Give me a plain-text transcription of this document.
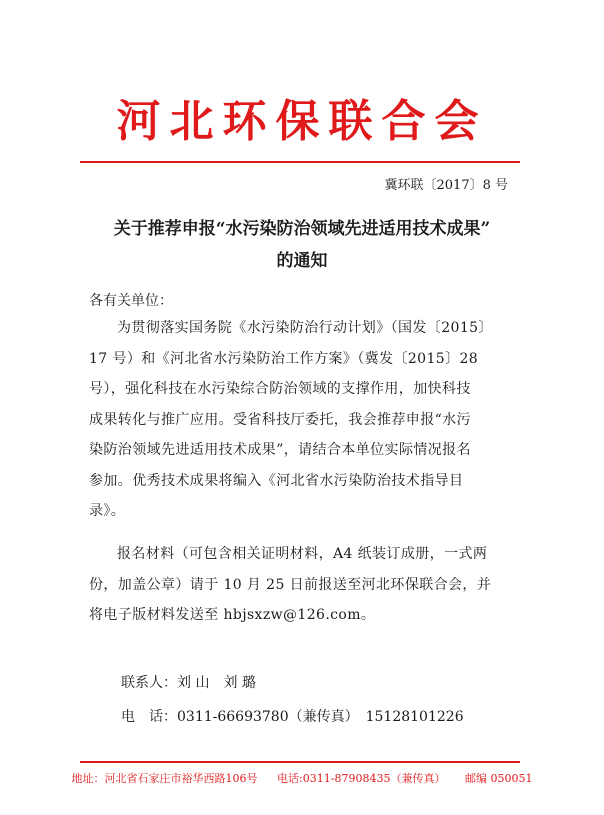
河北环保联合会
冀环联〔2017〕8 号
关于推荐申报“水污染防治领域先进适用技术成果”
的通知
各有关单位：

为贯彻落实国务院《水污染防治行动计划》（国发〔2015〕

17 号）和《河北省水污染防治工作方案》（冀发〔2015〕28

号），强化科技在水污染综合防治领域的支撑作用，加快科技

成果转化与推广应用。受省科技厅委托，我会推荐申报“水污

染防治领域先进适用技术成果”，请结合本单位实际情况报名

参加。优秀技术成果将编入《河北省水污染防治技术指导目

录》。

报名材料（可包含相关证明材料，A4 纸装订成册，一式两

份，加盖公章）请于 10 月 25 日前报送至河北环保联合会，并

将电子版材料发送至 hbjsxzw@126.com。

联系人：刘 山　刘 璐
电　话：0311-66693780（兼传真）　15128101226
地址：河北省石家庄市裕华西路106号 电话:0311-87908435（兼传真） 邮编 050051
